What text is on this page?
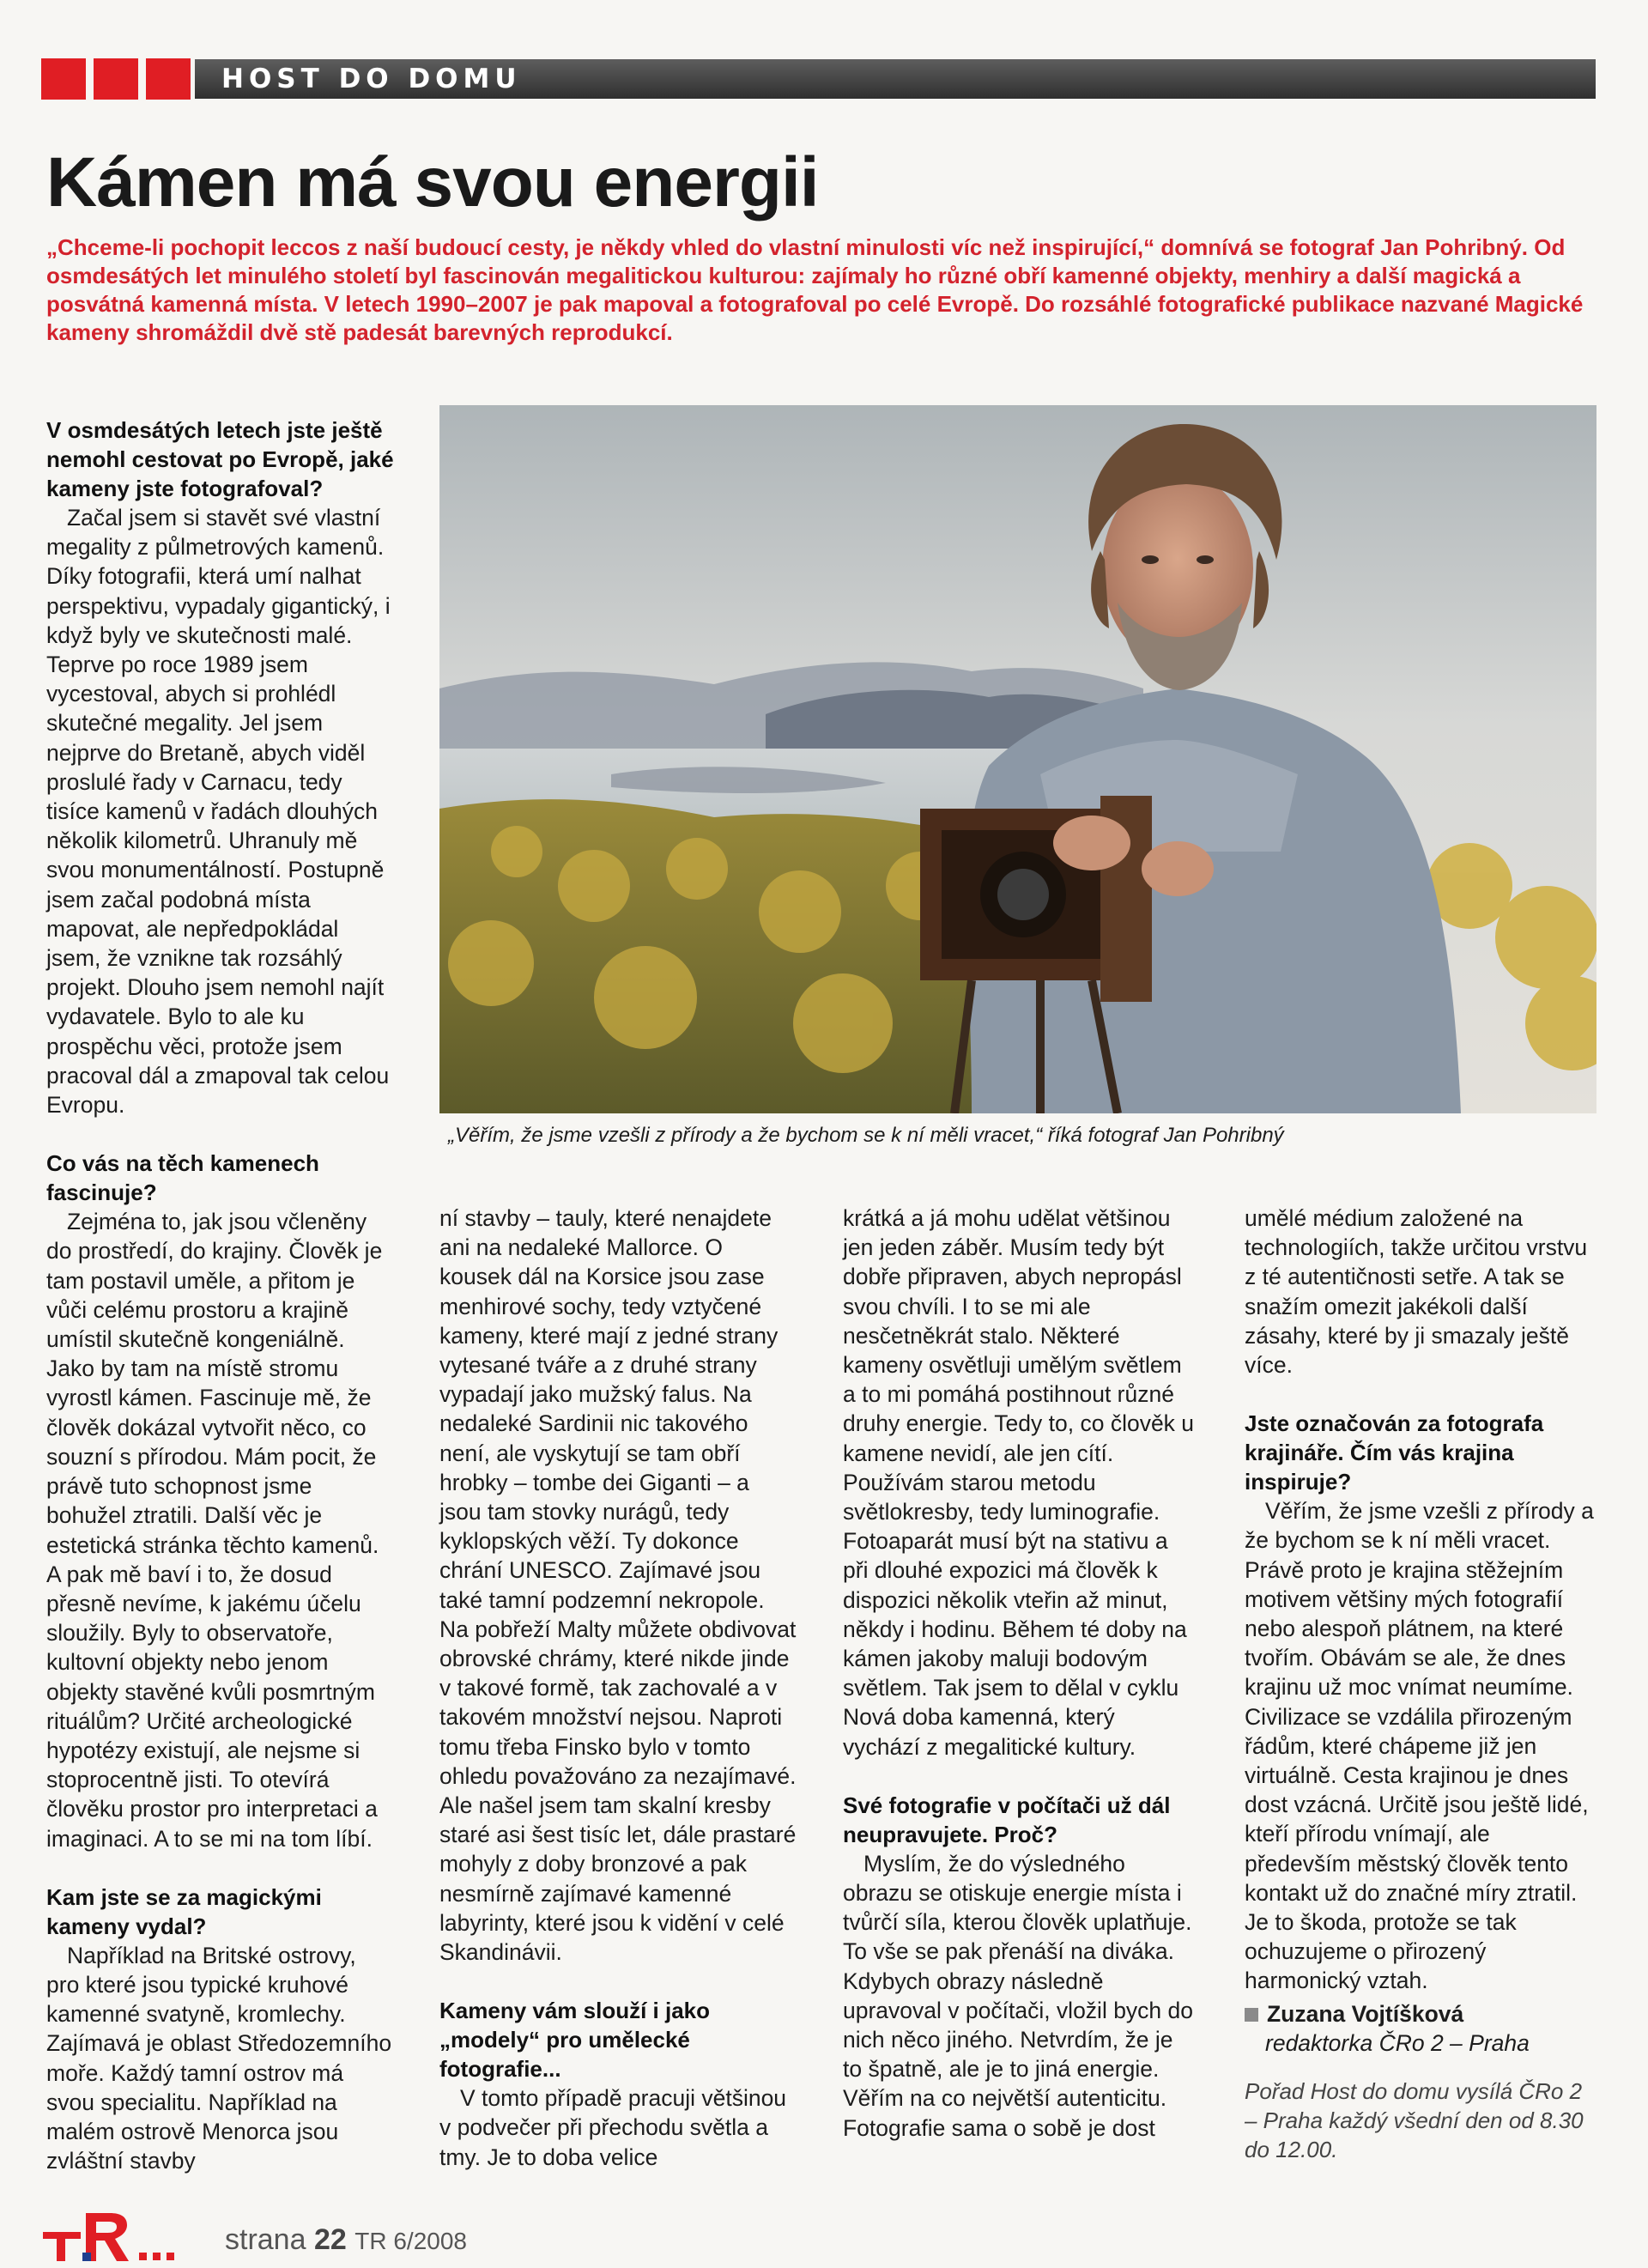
HOST DO DOMU
Kámen má svou energii

„Chceme-li pochopit leccos z naší budoucí cesty, je někdy vhled do vlastní minulosti víc než inspirující,“ domnívá se fotograf Jan Pohribný. Od osmdesátých let minulého století byl fascinován megalitickou kulturou: zajímaly ho různé obří kamenné objekty, menhiry a další magická a posvátná kamenná místa. V letech 1990–2007 je pak mapoval a fotografoval po celé Evropě. Do rozsáhlé fotografické publikace nazvané Magické kameny shromáždil dvě stě padesát barevných reprodukcí.

V osmdesátých letech jste ještě nemohl cestovat po Evropě, jaké kameny jste fotografoval?

Začal jsem si stavět své vlastní megality z půlmetrových kamenů. Díky fotografii, která umí nalhat perspektivu, vypadaly gigantický, i když byly ve skutečnosti malé. Teprve po roce 1989 jsem vycestoval, abych si prohlédl skutečné megality. Jel jsem nejprve do Bretaně, abych viděl proslulé řady v Carnacu, tedy tisíce kamenů v řadách dlouhých několik kilometrů. Uhranuly mě svou monumentálností. Postupně jsem začal podobná místa mapovat, ale nepředpokládal jsem, že vznikne tak rozsáhlý projekt. Dlouho jsem nemohl najít vydavatele. Bylo to ale ku prospěchu věci, protože jsem pracoval dál a zmapoval tak celou Evropu.

Co vás na těch kamenech fascinuje?

Zejména to, jak jsou včleněny do prostředí, do krajiny. Člověk je tam postavil uměle, a přitom je vůči celému prostoru a krajině umístil skutečně kongeniálně. Jako by tam na místě stromu vyrostl kámen. Fascinuje mě, že člověk dokázal vytvořit něco, co souzní s přírodou. Mám pocit, že právě tuto schopnost jsme bohužel ztratili. Další věc je estetická stránka těchto kamenů. A pak mě baví i to, že dosud přesně nevíme, k jakému účelu sloužily. Byly to observatoře, kultovní objekty nebo jenom objekty stavěné kvůli posmrtným rituálům? Určité archeologické hypotézy existují, ale nejsme si stoprocentně jisti. To otevírá člověku prostor pro interpretaci a imaginaci. A to se mi na tom líbí.

Kam jste se za magickými kameny vydal?

Například na Britské ostrovy, pro které jsou typické kruhové kamenné svatyně, kromlechy. Zajímavá je oblast Středozemního moře. Každý tamní ostrov má svou specialitu. Například na malém ostrově Menorca jsou zvláštní stavby

„Věřím, že jsme vzešli z přírody a že bychom se k ní měli vracet,“ říká fotograf Jan Pohribný

ní stavby – tauly, které nenajdete ani na nedaleké Mallorce. O kousek dál na Korsice jsou zase menhirové sochy, tedy vztyčené kameny, které mají z jedné strany vytesané tváře a z druhé strany vypadají jako mužský falus. Na nedaleké Sardinii nic takového není, ale vyskytují se tam obří hrobky – tombe dei Giganti – a jsou tam stovky nurágů, tedy kyklopských věží. Ty dokonce chrání UNESCO. Zajímavé jsou také tamní podzemní nekropole. Na pobřeží Malty můžete obdivovat obrovské chrámy, které nikde jinde v takové formě, tak zachovalé a v takovém množství nejsou. Naproti tomu třeba Finsko bylo v tomto ohledu považováno za nezajímavé. Ale našel jsem tam skalní kresby staré asi šest tisíc let, dále prastaré mohyly z doby bronzové a pak nesmírně zajímavé kamenné labyrinty, které jsou k vidění v celé Skandinávii.

Kameny vám slouží i jako „modely“ pro umělecké fotografie...

V tomto případě pracuji většinou v podvečer při přechodu světla a tmy. Je to doba velice

krátká a já mohu udělat většinou jen jeden záběr. Musím tedy být dobře připraven, abych nepropásl svou chvíli. I to se mi ale nesčetněkrát stalo. Některé kameny osvětluji umělým světlem a to mi pomáhá postihnout různé druhy energie. Tedy to, co člověk u kamene nevidí, ale jen cítí. Používám starou metodu světlokresby, tedy luminografie. Fotoaparát musí být na stativu a při dlouhé expozici má člověk k dispozici několik vteřin až minut, někdy i hodinu. Během té doby na kámen jakoby maluji bodovým světlem. Tak jsem to dělal v cyklu Nová doba kamenná, který vychází z megalitické kultury.

Své fotografie v počítači už dál neupravujete. Proč?

Myslím, že do výsledného obrazu se otiskuje energie místa i tvůrčí síla, kterou člověk uplatňuje. To vše se pak přenáší na diváka. Kdybych obrazy následně upravoval v počítači, vložil bych do nich něco jiného. Netvrdím, že je to špatně, ale je to jiná energie. Věřím na co největší autenticitu. Fotografie sama o sobě je dost

umělé médium založené na technologiích, takže určitou vrstvu z té autentičnosti setře. A tak se snažím omezit jakékoli další zásahy, které by ji smazaly ještě více.

Jste označován za fotografa krajináře. Čím vás krajina inspiruje?

Věřím, že jsme vzešli z přírody a že bychom se k ní měli vracet. Právě proto je krajina stěžejním motivem většiny mých fotografií nebo alespoň plátnem, na které tvořím. Obávám se ale, že dnes krajinu už moc vnímat neumíme. Civilizace se vzdálila přirozeným řádům, které chápeme již jen virtuálně. Cesta krajinou je dnes dost vzácná. Určitě jsou ještě lidé, kteří přírodu vnímají, ale především městský člověk tento kontakt už do značné míry ztratil. Je to škoda, protože se tak ochuzujeme o přirozený harmonický vztah.

Zuzana Vojtíšková
redaktorka ČRo 2 – Praha
Pořad Host do domu vysílá ČRo 2 – Praha každý všední den od 8.30 do 12.00.
strana 22 TR 6/2008
